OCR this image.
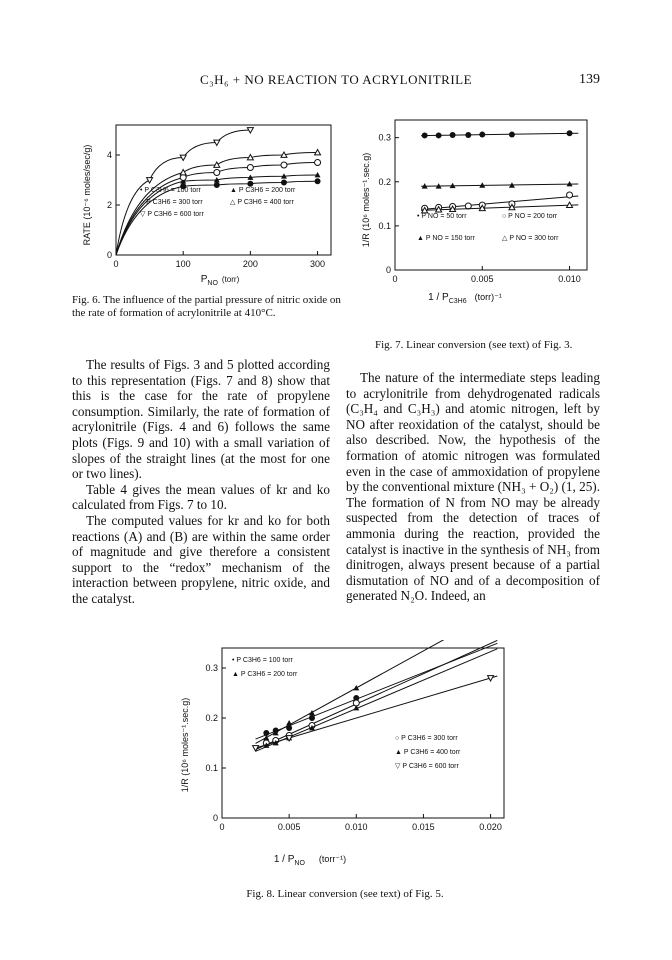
C₃H₆ + NO REACTION TO ACRYLONITRILE	139
0	100	200	300
0
2
4
$P_{NO}$ $^{(torr)}$
RATE (10⁻⁶ moles/sec/g)	• P C3H6 = 100 torr	▲ P C3H6 = 200 torr
○ P C3H6 = 300 torr	△ P C3H6 = 400 torr
▽ P C3H6 = 600 torr
Fig. 6. The influence of the partial pressure of nitric oxide on the rate of formation of acrylonitrile at 410°C.
0	0.005	0.010
0
0.1
0.2
0.3
1/R (10⁶ moles⁻¹.sec.g)
$1 / P_{C3H6}$ (torr)⁻¹
• P NO = 50 torr	○ P NO = 200 torr
▲ P NO = 150 torr	△ P NO = 300 torr
Fig. 7. Linear conversion (see text) of Fig. 3.

The results of Figs. 3 and 5 plotted according to this representation (Figs. 7 and 8) show that this is the case for the rate of propylene consumption. Similarly, the rate of formation of acrylonitrile (Figs. 4 and 6) follows the same plots (Figs. 9 and 10) with a small variation of slopes of the straight lines (at the most for one or two lines).

Table 4 gives the mean values of kr and ko calculated from Figs. 7 to 10.

The computed values for kr and ko for both reactions (A) and (B) are within the same order of magnitude and give therefore a consistent support to the “redox” mechanism of the interaction between propylene, nitric oxide, and the catalyst.

The nature of the intermediate steps leading to acrylonitrile from dehydrogenated radicals (C₃H₄ and C₃H₃) and atomic nitrogen, left by NO after reoxidation of the catalyst, should be also described. Now, the hypothesis of the formation of atomic nitrogen was formulated even in the case of ammoxidation of propylene by the conventional mixture (NH₃ + O₂) (1, 25). The formation of N from NO may be already suspected from the detection of traces of ammonia during the reaction, provided the catalyst is inactive in the synthesis of NH₃ from dinitrogen, always present because of a partial dismutation of NO and of a decomposition of generated N₂O. Indeed, an

0	0.005	0.010	0.015	0.020
0
0.1
0.2
0.3
1/R (10⁶ moles⁻¹.sec.g)
$1 / P_{NO}$ (torr⁻¹)
• P C3H6 = 100 torr
▲ P C3H6 = 200 torr
○ P C3H6 = 300 torr
▲ P C3H6 = 400 torr
▽ P C3H6 = 600 torr
Fig. 8. Linear conversion (see text) of Fig. 5.
